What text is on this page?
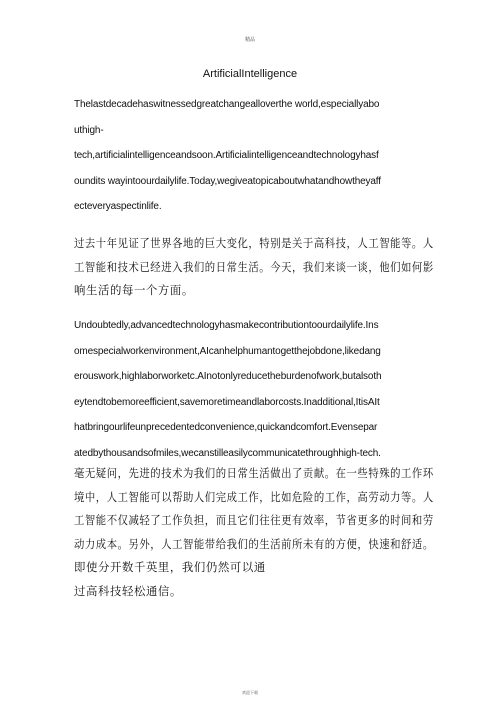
精品
ArtificialIntelligence
Thelastdecadehaswitnessedgreatchangealloverthe world,especiallyabo
uthigh-
tech,artificialintelligenceandsoon.Artificialintelligenceandtechnologyhasf
oundits wayintoourdailylife.Today,wegiveatopicaboutwhatandhowtheyaff
ecteveryaspectinlife.
过去十年见证了世界各地的巨大变化，特别是关于高科技，人工智能等。人
工智能和技术已经进入我们的日常生活。今天，我们来谈一谈，他们如何影
响生活的每一个方面。
Undoubtedly,advancedtechnologyhasmakecontributiontoourdailylife.Ins
omespecialworkenvironment,AIcanhelphumantogetthejobdone,likedang
erouswork,highlaborworketc.AInotonlyreducetheburdenofwork,butalsoth
eytendtobemoreefficient,savemoretimeandlaborcosts.Inadditional,ItisAIt
hatbringourlifeunprecedentedconvenience,quickandcomfort.Evensepar
atedbythousandsofmiles,wecanstilleasilycommunicatethroughhigh-tech.
毫无疑问，先进的技术为我们的日常生活做出了贡献。在一些特殊的工作环
境中，人工智能可以帮助人们完成工作，比如危险的工作，高劳动力等。人
工智能不仅减轻了工作负担，而且它们往往更有效率，节省更多的时间和劳
动力成本。另外，人工智能带给我们的生活前所未有的方便，快速和舒适。
即使分开数千英里，我们仍然可以通
过高科技轻松通信。
欢迎下载
